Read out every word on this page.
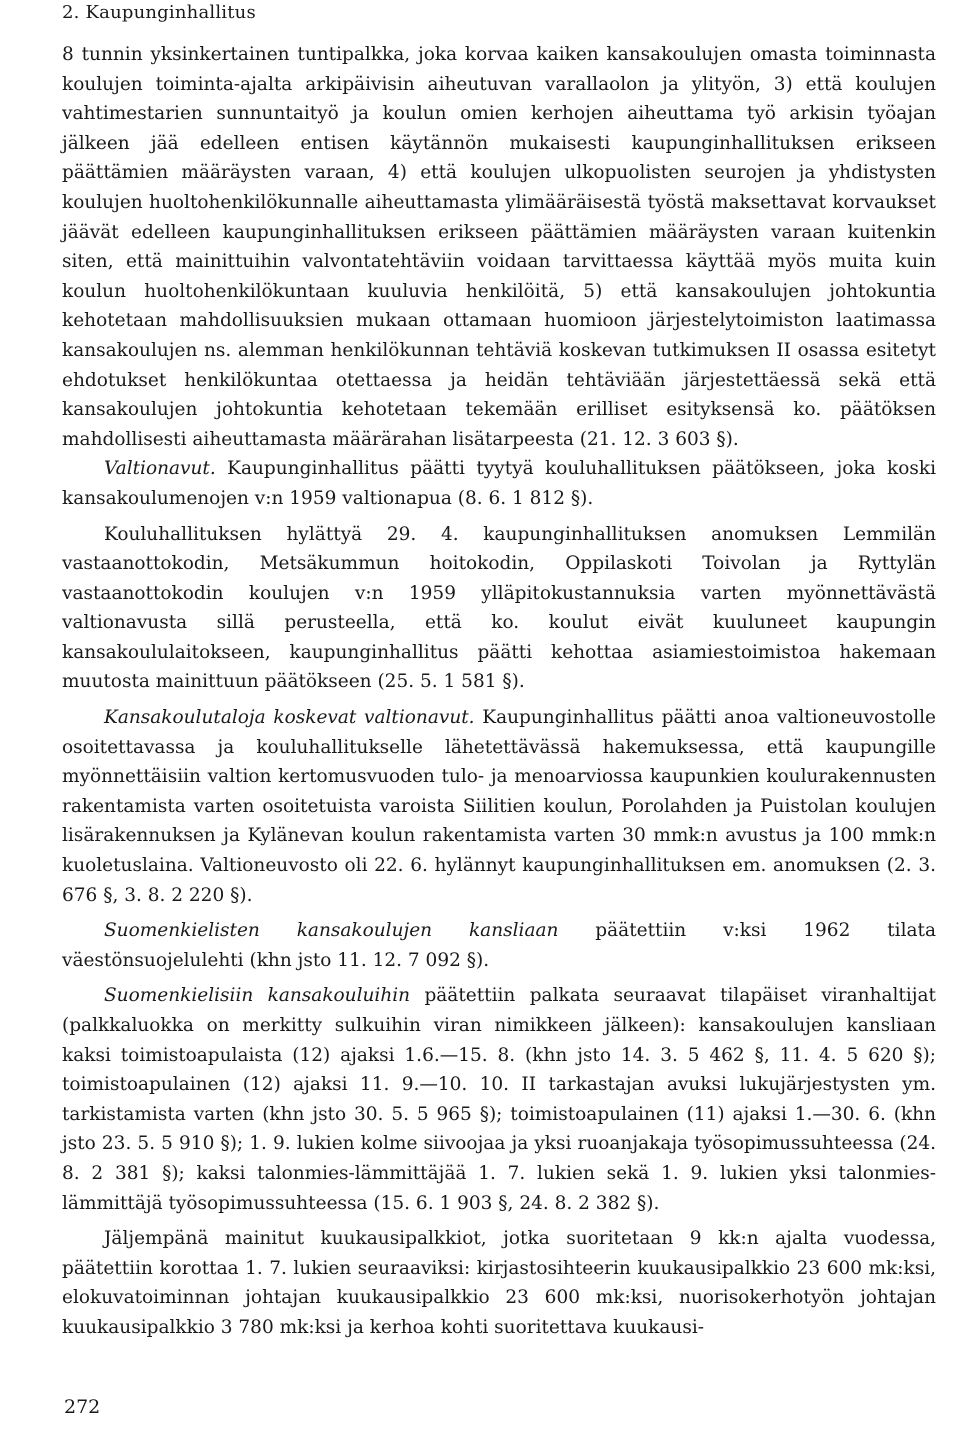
2. Kaupunginhallitus

8 tunnin yksinkertainen tuntipalkka, joka korvaa kaiken kansakoulujen omasta toiminnasta koulujen toiminta-ajalta arkipäivisin aiheutuvan varallaolon ja ylityön, 3) että koulujen vahtimestarien sunnuntaityö ja koulun omien kerhojen aiheuttama työ arkisin työajan jälkeen jää edelleen entisen käytännön mukaisesti kaupunginhallituksen erikseen päättämien määräysten varaan, 4) että koulujen ulkopuolisten seurojen ja yhdistysten koulujen huoltohenkilökunnalle aiheuttamasta ylimääräisestä työstä maksettavat korvaukset jäävät edelleen kaupunginhallituksen erikseen päättämien määräysten varaan kuitenkin siten, että mainittuihin valvontatehtäviin voidaan tarvittaessa käyttää myös muita kuin koulun huoltohenkilökuntaan kuuluvia henkilöitä, 5) että kansakoulujen johtokuntia kehotetaan mahdollisuuksien mukaan ottamaan huomioon järjestelytoimiston laatimassa kansakoulujen ns. alemman henkilökunnan tehtäviä koskevan tutkimuksen II osassa esitetyt ehdotukset henkilökuntaa otettaessa ja heidän tehtäviään järjestettäessä sekä että kansakoulujen johtokuntia kehotetaan tekemään erilliset esityksensä ko. päätöksen mahdollisesti aiheuttamasta määrärahan lisätarpeesta (21. 12. 3 603 §).

Valtionavut. Kaupunginhallitus päätti tyytyä kouluhallituksen päätökseen, joka koski kansakoulumenojen v:n 1959 valtionapua (8. 6. 1 812 §).

Kouluhallituksen hylättyä 29. 4. kaupunginhallituksen anomuksen Lemmilän vastaanottokodin, Metsäkummun hoitokodin, Oppilaskoti Toivolan ja Ryttylän vastaanottokodin koulujen v:n 1959 ylläpitokustannuksia varten myönnettävästä valtionavusta sillä perusteella, että ko. koulut eivät kuuluneet kaupungin kansakoululaitokseen, kaupunginhallitus päätti kehottaa asiamiestoimistoa hakemaan muutosta mainittuun päätökseen (25. 5. 1 581 §).

Kansakoulutaloja koskevat valtionavut. Kaupunginhallitus päätti anoa valtioneuvostolle osoitettavassa ja kouluhallitukselle lähetettävässä hakemuksessa, että kaupungille myönnettäisiin valtion kertomusvuoden tulo- ja menoarviossa kaupunkien koulurakennusten rakentamista varten osoitetuista varoista Siilitien koulun, Porolahden ja Puistolan koulujen lisärakennuksen ja Kylänevan koulun rakentamista varten 30 mmk:n avustus ja 100 mmk:n kuoletuslaina. Valtioneuvosto oli 22. 6. hylännyt kaupunginhallituksen em. anomuksen (2. 3. 676 §, 3. 8. 2 220 §).

Suomenkielisten kansakoulujen kansliaan päätettiin v:ksi 1962 tilata väestönsuojelulehti (khn jsto 11. 12. 7 092 §).

Suomenkielisiin kansakouluihin päätettiin palkata seuraavat tilapäiset viranhaltijat (palkkaluokka on merkitty sulkuihin viran nimikkeen jälkeen): kansakoulujen kansliaan kaksi toimistoapulaista (12) ajaksi 1.6.—15. 8. (khn jsto 14. 3. 5 462 §, 11. 4. 5 620 §); toimistoapulainen (12) ajaksi 11. 9.—10. 10. II tarkastajan avuksi lukujärjestysten ym. tarkistamista varten (khn jsto 30. 5. 5 965 §); toimistoapulainen (11) ajaksi 1.—30. 6. (khn jsto 23. 5. 5 910 §); 1. 9. lukien kolme siivoojaa ja yksi ruoanjakaja työsopimussuhteessa (24. 8. 2 381 §); kaksi talonmies-lämmittäjää 1. 7. lukien sekä 1. 9. lukien yksi talonmies-lämmittäjä työsopimussuhteessa (15. 6. 1 903 §, 24. 8. 2 382 §).

Jäljempänä mainitut kuukausipalkkiot, jotka suoritetaan 9 kk:n ajalta vuodessa, päätettiin korottaa 1. 7. lukien seuraaviksi: kirjastosihteerin kuukausipalkkio 23 600 mk:ksi, elokuvatoiminnan johtajan kuukausipalkkio 23 600 mk:ksi, nuorisokerhotyön johtajan kuukausipalkkio 3 780 mk:ksi ja kerhoa kohti suoritettava kuukausi-

272
